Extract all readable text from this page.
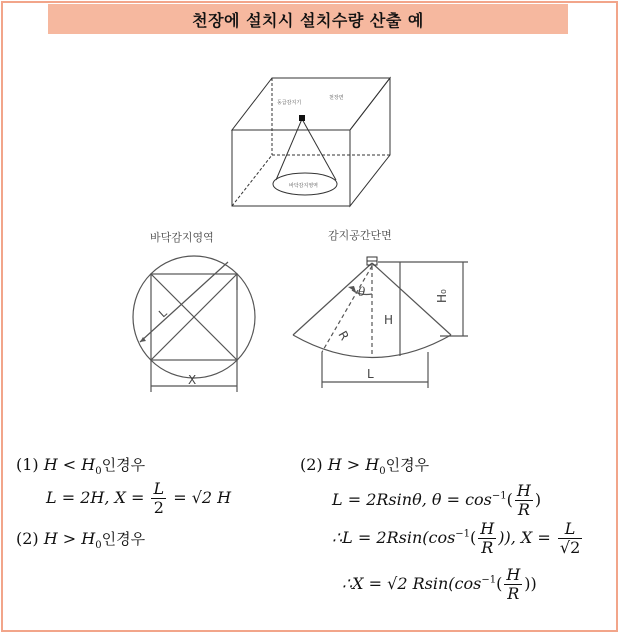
천장에 설치시 설치수량 산출 예
동급감지기
천장면
바닥감지영역
바닥감지영역	감지공간단면
L
X
θ
R
H
H₀
L
(1) $H < H_0$인경우
L = 2H, $X = \frac{L}{2} = √2$ H
(2) $H > H_0$인경우
(2) $H > H_0$인경우
L = 2Rsinθ, $\theta = \cos^{-1}( \frac{H}{R}$ )
∴L = $2Rsin(\cos^{-1}( \frac{H}{R}$ )), $X = \frac{L}{√2}$
∴X = √2 $Rsin(\cos^{-1}( \frac{H}{R}$ ))
